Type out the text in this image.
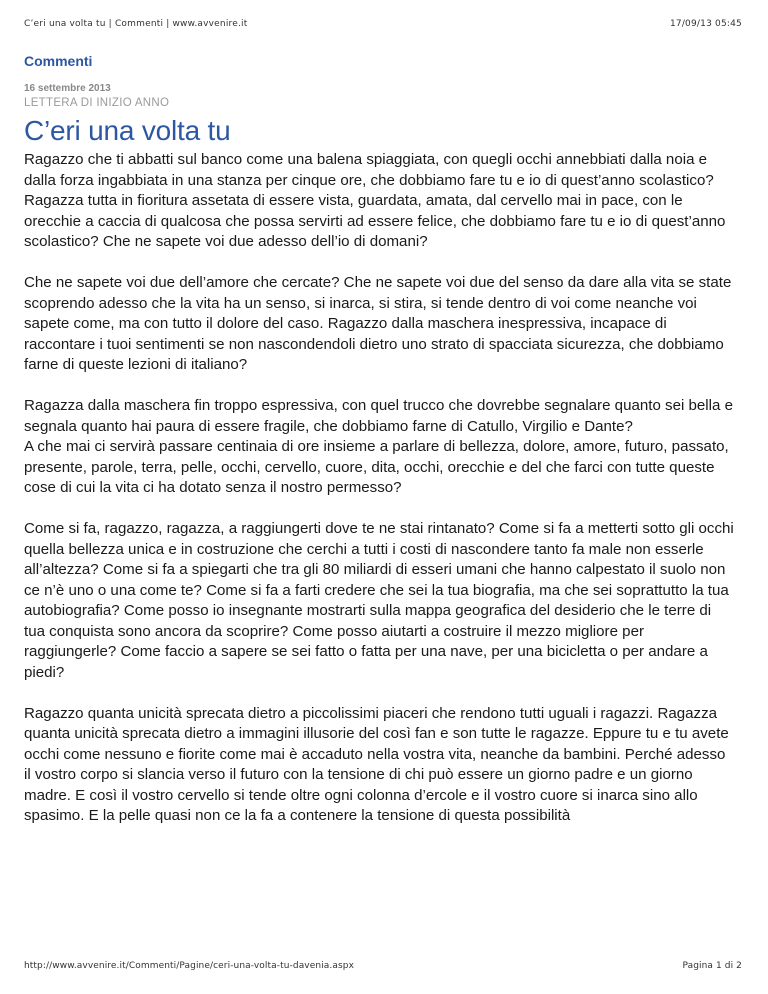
C’eri una volta tu | Commenti | www.avvenire.it	17/09/13 05:45
Commenti
16 settembre 2013
LETTERA DI INIZIO ANNO
C’eri una volta tu

Ragazzo che ti abbatti sul banco come una balena spiaggiata, con quegli occhi annebbiati dalla noia e dalla forza ingabbiata in una stanza per cinque ore, che dobbiamo fare tu e io di quest’anno scolastico? Ragazza tutta in fioritura assetata di essere vista, guardata, amata, dal cervello mai in pace, con le orecchie a caccia di qualcosa che possa servirti ad essere felice, che dobbiamo fare tu e io di quest’anno scolastico? Che ne sapete voi due adesso dell’io di domani?

Che ne sapete voi due dell’amore che cercate? Che ne sapete voi due del senso da dare alla vita se state scoprendo adesso che la vita ha un senso, si inarca, si stira, si tende dentro di voi come neanche voi sapete come, ma con tutto il dolore del caso. Ragazzo dalla maschera inespressiva, incapace di raccontare i tuoi sentimenti se non nascondendoli dietro uno strato di spacciata sicurezza, che dobbiamo farne di queste lezioni di italiano?

Ragazza dalla maschera fin troppo espressiva, con quel trucco che dovrebbe segnalare quanto sei bella e segnala quanto hai paura di essere fragile, che dobbiamo farne di Catullo, Virgilio e Dante?
A che mai ci servirà passare centinaia di ore insieme a parlare di bellezza, dolore, amore, futuro, passato, presente, parole, terra, pelle, occhi, cervello, cuore, dita, occhi, orecchie e del che farci con tutte queste cose di cui la vita ci ha dotato senza il nostro permesso?

Come si fa, ragazzo, ragazza, a raggiungerti dove te ne stai rintanato? Come si fa a metterti sotto gli occhi quella bellezza unica e in costruzione che cerchi a tutti i costi di nascondere tanto fa male non esserle all’altezza? Come si fa a spiegarti che tra gli 80 miliardi di esseri umani che hanno calpestato il suolo non ce n’è uno o una come te? Come si fa a farti credere che sei la tua biografia, ma che sei soprattutto la tua autobiografia? Come posso io insegnante mostrarti sulla mappa geografica del desiderio che le terre di tua conquista sono ancora da scoprire? Come posso aiutarti a costruire il mezzo migliore per raggiungerle? Come faccio a sapere se sei fatto o fatta per una nave, per una bicicletta o per andare a piedi?

Ragazzo quanta unicità sprecata dietro a piccolissimi piaceri che rendono tutti uguali i ragazzi. Ragazza quanta unicità sprecata dietro a immagini illusorie del così fan e son tutte le ragazze. Eppure tu e tu avete occhi come nessuno e fiorite come mai è accaduto nella vostra vita, neanche da bambini. Perché adesso il vostro corpo si slancia verso il futuro con la tensione di chi può essere un giorno padre e un giorno madre. E così il vostro cervello si tende oltre ogni colonna d’ercole e il vostro cuore si inarca sino allo spasimo. E la pelle quasi non ce la fa a contenere la tensione di questa possibilità

http://www.avvenire.it/Commenti/Pagine/ceri-una-volta-tu-davenia.aspx	Pagina 1 di 2
